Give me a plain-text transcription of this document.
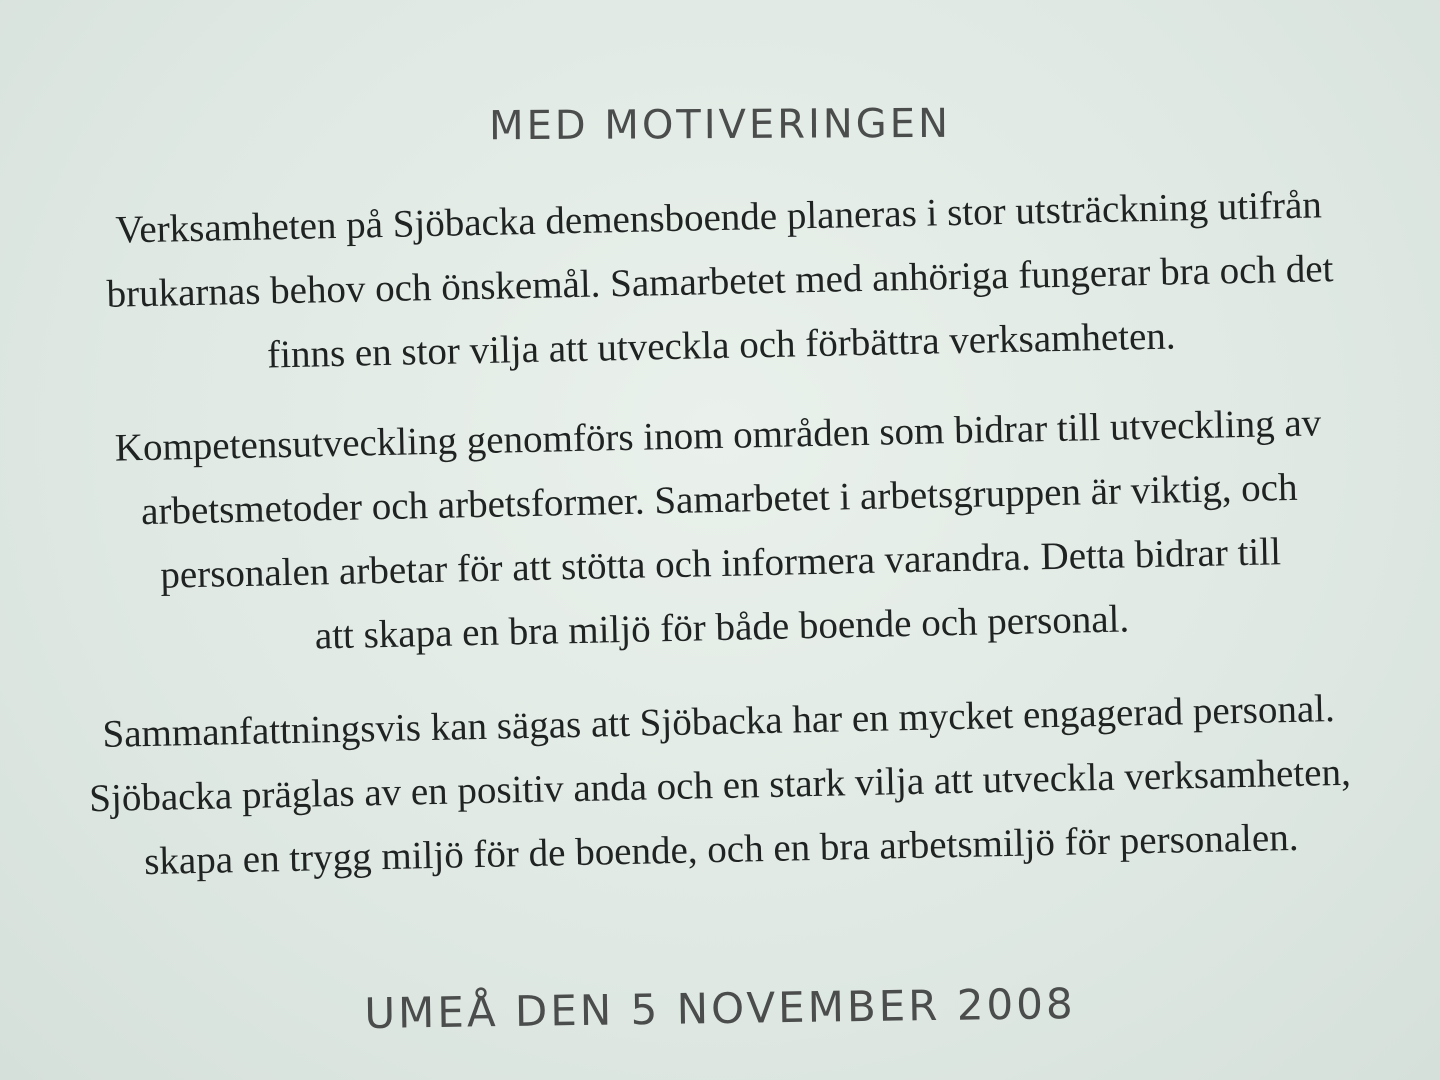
MED MOTIVERINGEN
Verksamheten på Sjöbacka demensboende planeras i stor utsträckning utifrån
brukarnas behov och önskemål. Samarbetet med anhöriga fungerar bra och det
finns en stor vilja att utveckla och förbättra verksamheten.
Kompetensutveckling genomförs inom områden som bidrar till utveckling av
arbetsmetoder och arbetsformer. Samarbetet i arbetsgruppen är viktig, och
personalen arbetar för att stötta och informera varandra. Detta bidrar till
att skapa en bra miljö för både boende och personal.
Sammanfattningsvis kan sägas att Sjöbacka har en mycket engagerad personal.
Sjöbacka präglas av en positiv anda och en stark vilja att utveckla verksamheten,
skapa en trygg miljö för de boende, och en bra arbetsmiljö för personalen.
UMEÅ DEN 5 NOVEMBER 2008
